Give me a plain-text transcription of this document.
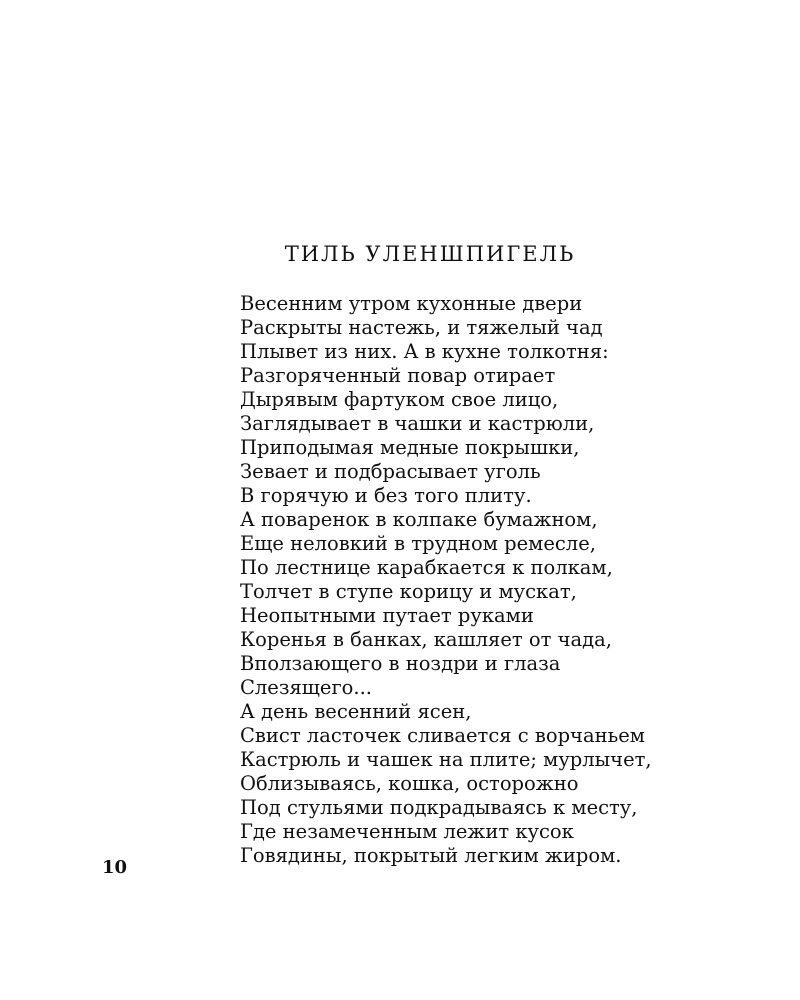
ТИЛЬ УЛЕНШПИГЕЛЬ
Весенним утром кухонные двери
Раскрыты настежь, и тяжелый чад
Плывет из них. А в кухне толкотня:
Разгоряченный повар отирает
Дырявым фартуком свое лицо,
Заглядывает в чашки и кастрюли,
Приподымая медные покрышки,
Зевает и подбрасывает уголь
В горячую и без того плиту.
А поваренок в колпаке бумажном,
Еще неловкий в трудном ремесле,
По лестнице карабкается к полкам,
Толчет в ступе корицу и мускат,
Неопытными путает руками
Коренья в банках, кашляет от чада,
Вползающего в ноздри и глаза
Слезящего...
А день весенний ясен,
Свист ласточек сливается с ворчаньем
Кастрюль и чашек на плите; мурлычет,
Облизываясь, кошка, осторожно
Под стульями подкрадываясь к месту,
Где незамеченным лежит кусок
Говядины, покрытый легким жиром.
10
